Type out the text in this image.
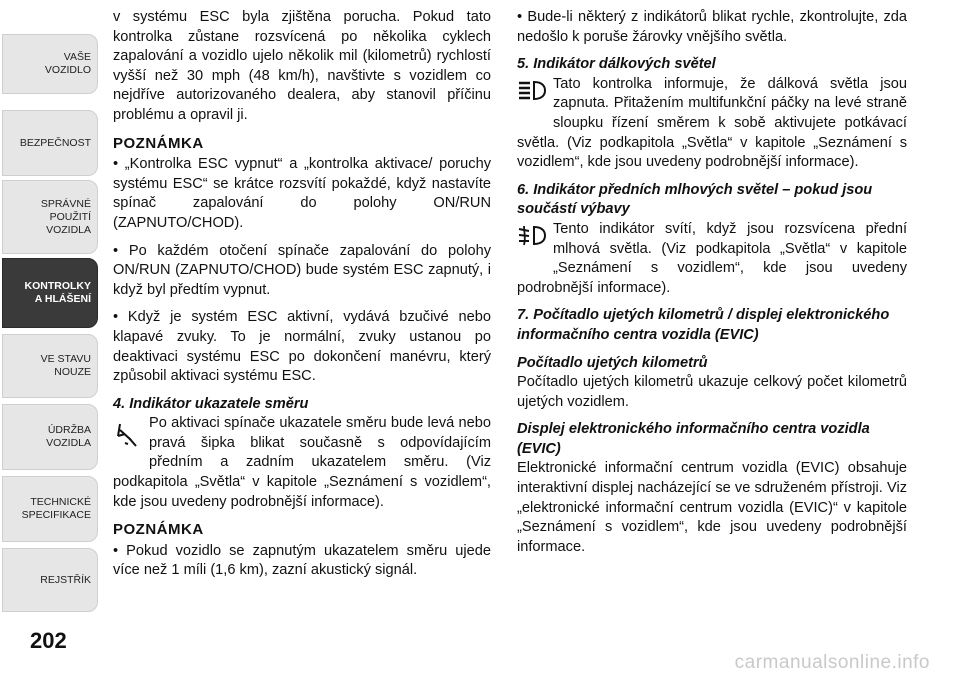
VAŠE
VOZIDLO
BEZPEČNOST
SPRÁVNÉ
POUŽITÍ
VOZIDLA
KONTROLKY
A HLÁŠENÍ
VE STAVU
NOUZE
ÚDRŽBA
VOZIDLA
TECHNICKÉ
SPECIFIKACE
REJSTŘÍK
202

v systému ESC byla zjištěna porucha. Pokud tato kontrolka zůstane rozsvícená po několika cyklech zapalování a vozidlo ujelo několik mil (kilometrů) rychlostí vyšší než 30 mph (48 km/h), navštivte s vozidlem co nejdříve autorizovaného dealera, aby stanovil příčinu problému a opravil ji.

POZNÁMKA

• „Kontrolka ESC vypnut“ a „kontrolka aktivace/ poruchy systému ESC“ se krátce rozsvítí pokaždé, když nastavíte spínač zapalování do polohy ON/RUN (ZAPNUTO/CHOD).

• Po každém otočení spínače zapalování do polohy ON/RUN (ZAPNUTO/CHOD) bude systém ESC zapnutý, i když byl předtím vypnut.

• Když je systém ESC aktivní, vydává bzučivé nebo klapavé zvuky. To je normální, zvuky ustanou po deaktivaci systému ESC po dokončení manévru, který způsobil aktivaci systému ESC.

4. Indikátor ukazatele směru
Po aktivaci spínače ukazatele směru bude levá nebo pravá šipka blikat současně s odpovídajícím předním a zadním ukazatelem směru. (Viz podkapitola „Světla“ v kapitole „Seznámení s vozidlem“, kde jsou uvedeny podrobnější informace).
POZNÁMKA

• Pokud vozidlo se zapnutým ukazatelem směru ujede více než 1 míli (1,6 km), zazní akustický signál.

• Bude-li některý z indikátorů blikat rychle, zkontrolujte, zda nedošlo k poruše žárovky vnějšího světla.

5. Indikátor dálkových světel
Tato kontrolka informuje, že dálková světla jsou zapnuta. Přitažením multifunkční páčky na levé straně sloupku řízení směrem k sobě aktivujete potkávací světla. (Viz podkapitola „Světla“ v kapitole „Seznámení s vozidlem“, kde jsou uvedeny podrobnější informace).
6. Indikátor předních mlhových světel – pokud jsou součástí výbavy
Tento indikátor svítí, když jsou rozsvícena přední mlhová světla. (Viz podkapitola „Světla“ v kapitole „Seznámení s vozidlem“, kde jsou uvedeny podrobnější informace).
7. Počítadlo ujetých kilometrů / displej elektronického informačního centra vozidla (EVIC)
Počítadlo ujetých kilometrů

Počítadlo ujetých kilometrů ukazuje celkový počet kilometrů ujetých vozidlem.

Displej elektronického informačního centra vozidla (EVIC)

Elektronické informační centrum vozidla (EVIC) obsahuje interaktivní displej nacházející se ve sdruženém přístroji. Viz „elektronické informační centrum vozidla (EVIC)“ v kapitole „Seznámení s vozidlem“, kde jsou uvedeny podrobnější informace.

carmanualsonline.info
